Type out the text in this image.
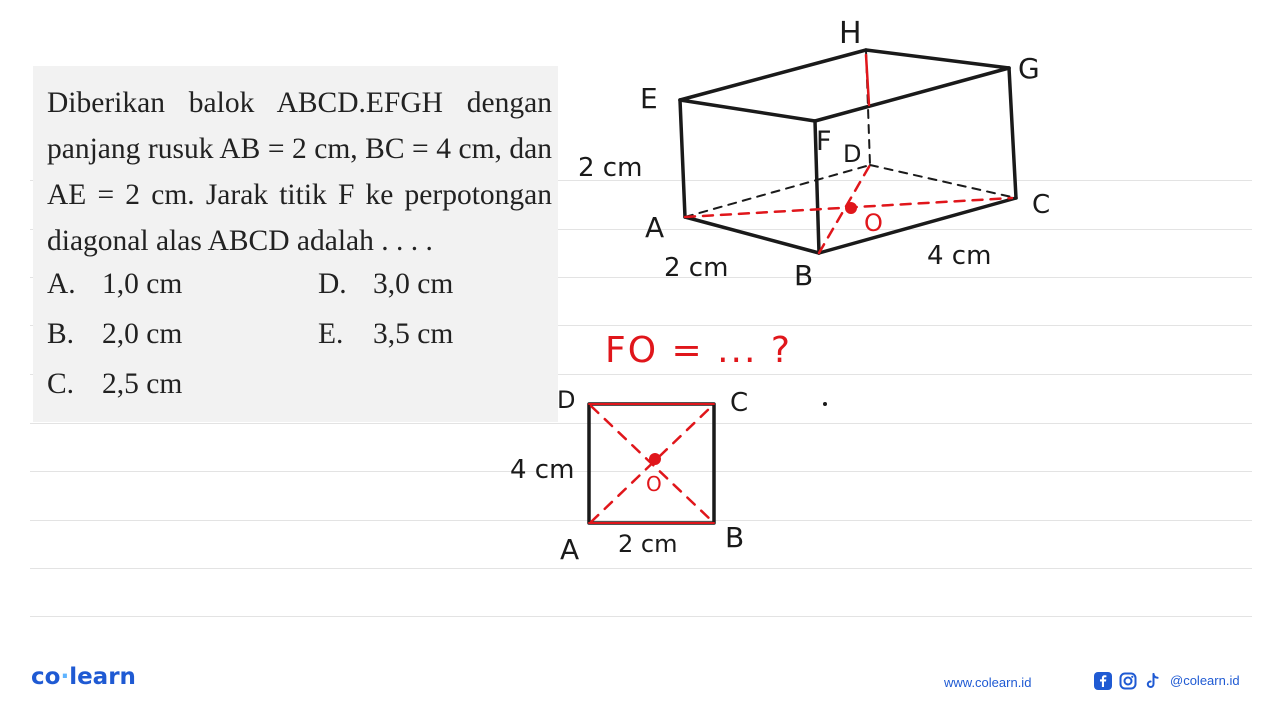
Diberikan balok ABCD.EFGH dengan panjang rusuk AB = 2 cm, BC = 4 cm, dan AE = 2 cm. Jarak titik F ke perpotongan diagonal alas ABCD adalah . . . .

A. 1,0 cm	D. 3,0 cm
B. 2,0 cm	E. 3,5 cm
C. 2,5 cm
H
G
E
F D
C
A
B
O
2 cm
2 cm	4 cm
FO = ... ?
D	C
A	B
O
4 cm
2 cm
co·learn	www.colearn.id	@colearn.id
